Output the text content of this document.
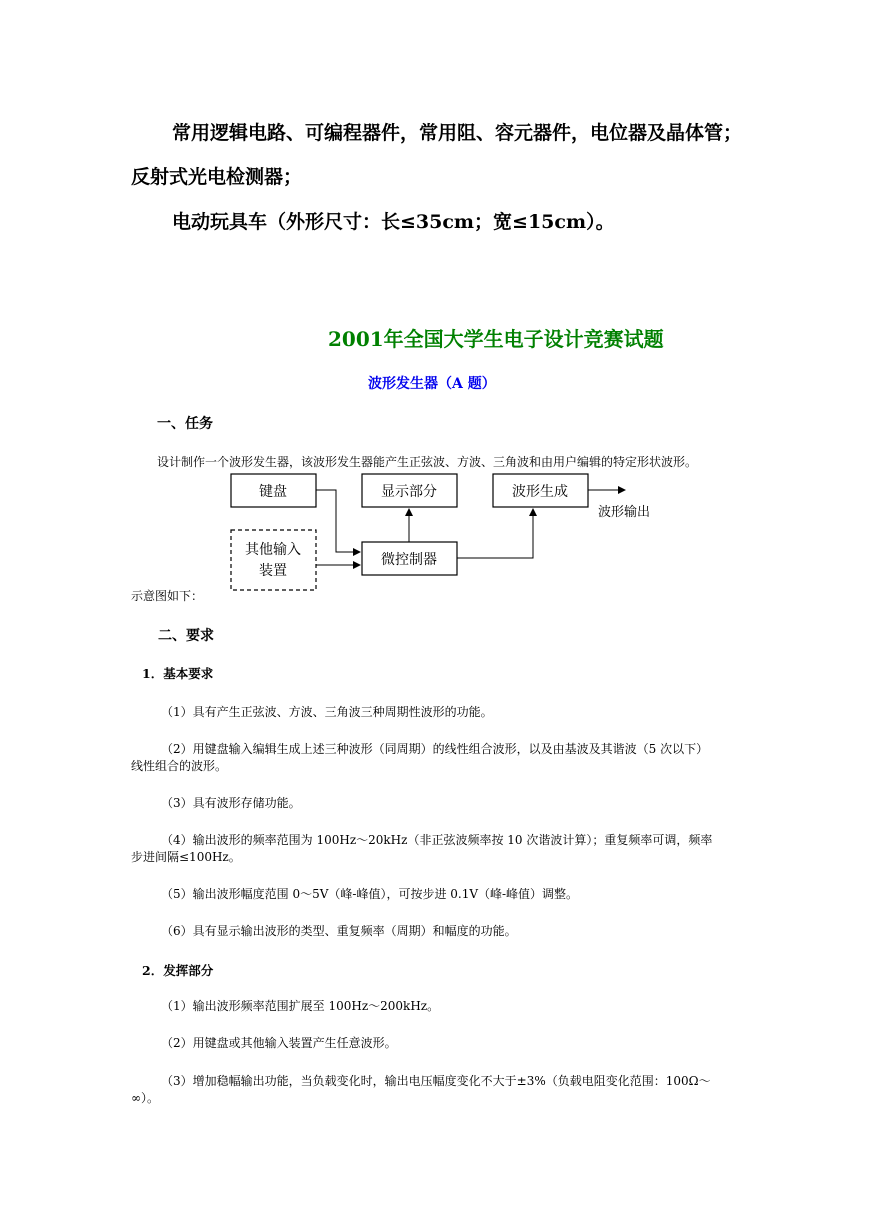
常用逻辑电路、可编程器件，常用阻、容元器件，电位器及晶体管；
反射式光电检测器；
电动玩具车（外形尺寸：长≤35cm；宽≤15cm）。
2001年全国大学生电子设计竞赛试题
波形发生器（A 题）
一、任务
设计制作一个波形发生器，该波形发生器能产生正弦波、方波、三角波和由用户编辑的特定形状波形。
键盘	显示部分	波形生成
其他输入
装置
微控制器
波形输出
示意图如下：
二、要求
1．基本要求
（1）具有产生正弦波、方波、三角波三种周期性波形的功能。
（2）用键盘输入编辑生成上述三种波形（同周期）的线性组合波形，以及由基波及其谐波（5 次以下）
线性组合的波形。
（3）具有波形存储功能。
（4）输出波形的频率范围为 100Hz～20kHz（非正弦波频率按 10 次谐波计算）；重复频率可调，频率
步进间隔≤100Hz。
（5）输出波形幅度范围 0～5V（峰-峰值），可按步进 0.1V（峰-峰值）调整。
（6）具有显示输出波形的类型、重复频率（周期）和幅度的功能。
2．发挥部分
（1）输出波形频率范围扩展至 100Hz～200kHz。
（2）用键盘或其他输入装置产生任意波形。
（3）增加稳幅输出功能，当负载变化时，输出电压幅度变化不大于±3%（负载电阻变化范围：100Ω～
∞）。
